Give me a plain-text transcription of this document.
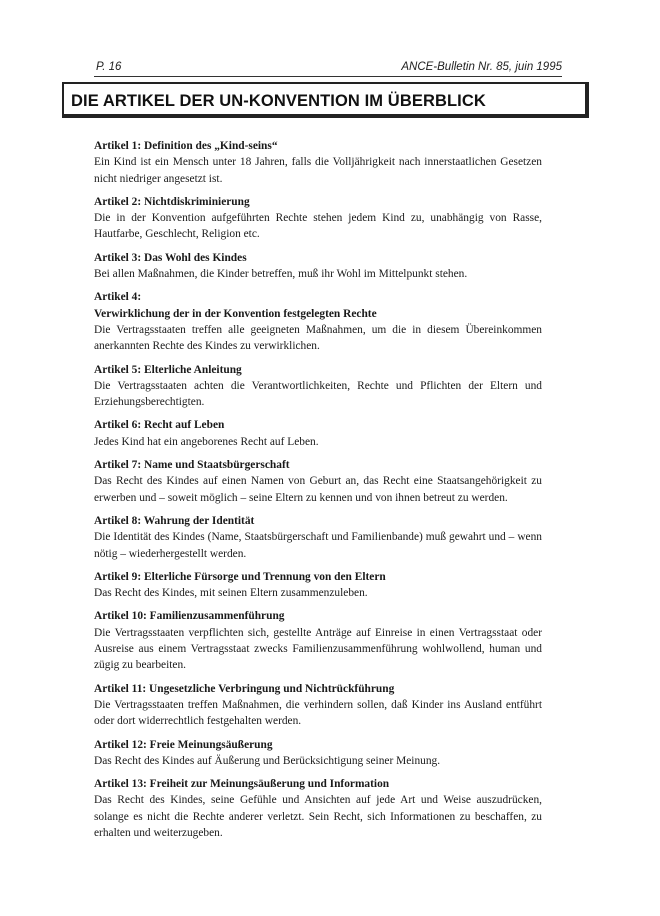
P. 16	ANCE-Bulletin Nr. 85, juin 1995
DIE ARTIKEL DER UN-KONVENTION IM ÜBERBLICK
Artikel 1: Definition des „Kind-seins“
Ein Kind ist ein Mensch unter 18 Jahren, falls die Volljährigkeit nach innerstaatlichen Gesetzen nicht niedriger angesetzt ist.
Artikel 2: Nichtdiskriminierung
Die in der Konvention aufgeführten Rechte stehen jedem Kind zu, unabhängig von Rasse, Hautfarbe, Geschlecht, Religion etc.
Artikel 3: Das Wohl des Kindes
Bei allen Maßnahmen, die Kinder betreffen, muß ihr Wohl im Mittelpunkt stehen.
Artikel 4:
Verwirklichung der in der Konvention festgelegten Rechte
Die Vertragsstaaten treffen alle geeigneten Maßnahmen, um die in diesem Übereinkommen anerkannten Rechte des Kindes zu verwirklichen.
Artikel 5: Elterliche Anleitung
Die Vertragsstaaten achten die Verantwortlichkeiten, Rechte und Pflichten der Eltern und Erziehungsberechtigten.
Artikel 6: Recht auf Leben
Jedes Kind hat ein angeborenes Recht auf Leben.
Artikel 7: Name und Staatsbürgerschaft
Das Recht des Kindes auf einen Namen von Geburt an, das Recht eine Staatsangehörigkeit zu erwerben und – soweit möglich – seine Eltern zu kennen und von ihnen betreut zu werden.
Artikel 8: Wahrung der Identität
Die Identität des Kindes (Name, Staatsbürgerschaft und Familienbande) muß gewahrt und – wenn nötig – wiederhergestellt werden.
Artikel 9: Elterliche Fürsorge und Trennung von den Eltern
Das Recht des Kindes, mit seinen Eltern zusammenzuleben.
Artikel 10: Familienzusammenführung
Die Vertragsstaaten verpflichten sich, gestellte Anträge auf Einreise in einen Vertragsstaat oder Ausreise aus einem Vertragsstaat zwecks Familienzusammenführung wohlwollend, human und zügig zu bearbeiten.
Artikel 11: Ungesetzliche Verbringung und Nichtrückführung
Die Vertragsstaaten treffen Maßnahmen, die verhindern sollen, daß Kinder ins Ausland entführt oder dort widerrechtlich festgehalten werden.
Artikel 12: Freie Meinungsäußerung
Das Recht des Kindes auf Äußerung und Berücksichtigung seiner Meinung.
Artikel 13: Freiheit zur Meinungsäußerung und Information
Das Recht des Kindes, seine Gefühle und Ansichten auf jede Art und Weise auszudrücken, solange es nicht die Rechte anderer verletzt. Sein Recht, sich Informationen zu beschaffen, zu erhalten und weiterzugeben.
